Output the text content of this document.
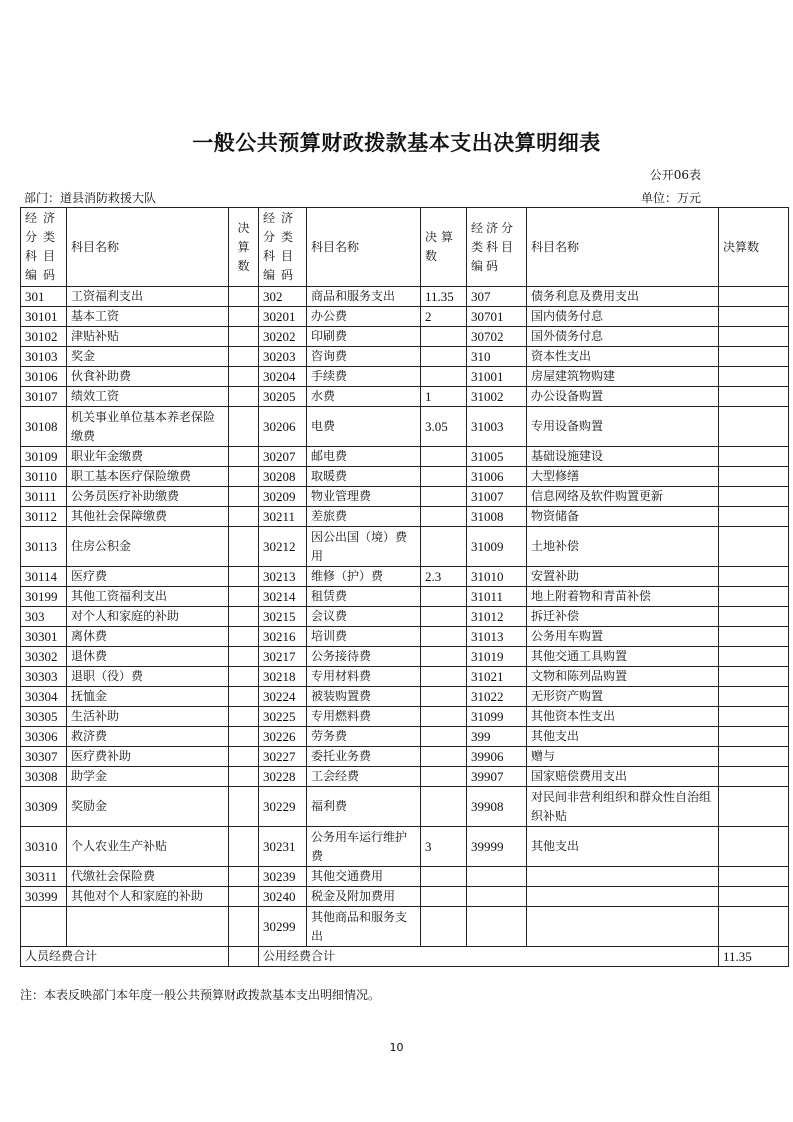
一般公共预算财政拨款基本支出决算明细表
公开06表
部门：道县消防救援大队	单位：万元
经济分类科目编码	科目名称	决算数	经济分类科目编码	科目名称	决算数	经济分类科目编码	科目名称	决算数
301	工资福利支出		302	商品和服务支出	11.35	307	债务利息及费用支出	
30101	基本工资		30201	办公费	2	30701	国内债务付息	
30102	津贴补贴		30202	印刷费		30702	国外债务付息	
30103	奖金		30203	咨询费		310	资本性支出	
30106	伙食补助费		30204	手续费		31001	房屋建筑物购建	
30107	绩效工资		30205	水费	1	31002	办公设备购置	
30108	机关事业单位基本养老保险缴费		30206	电费	3.05	31003	专用设备购置	
30109	职业年金缴费		30207	邮电费		31005	基础设施建设	
30110	职工基本医疗保险缴费		30208	取暖费		31006	大型修缮	
30111	公务员医疗补助缴费		30209	物业管理费		31007	信息网络及软件购置更新	
30112	其他社会保障缴费		30211	差旅费		31008	物资储备	
30113	住房公积金		30212	因公出国（境）费用		31009	土地补偿	
30114	医疗费		30213	维修（护）费	2.3	31010	安置补助	
30199	其他工资福利支出		30214	租赁费		31011	地上附着物和青苗补偿	
303	对个人和家庭的补助		30215	会议费		31012	拆迁补偿	
30301	离休费		30216	培训费		31013	公务用车购置	
30302	退休费		30217	公务接待费		31019	其他交通工具购置	
30303	退职（役）费		30218	专用材料费		31021	文物和陈列品购置	
30304	抚恤金		30224	被装购置费		31022	无形资产购置	
30305	生活补助		30225	专用燃料费		31099	其他资本性支出	
30306	救济费		30226	劳务费		399	其他支出	
30307	医疗费补助		30227	委托业务费		39906	赠与	
30308	助学金		30228	工会经费		39907	国家赔偿费用支出	
30309	奖励金		30229	福利费		39908	对民间非营利组织和群众性自治组织补贴	
30310	个人农业生产补贴		30231	公务用车运行维护费	3	39999	其他支出	
30311	代缴社会保险费		30239	其他交通费用				
30399	其他对个人和家庭的补助		30240	税金及附加费用				
			30299	其他商品和服务支出				
人员经费合计			公用经费合计					11.35
注：本表反映部门本年度一般公共预算财政拨款基本支出明细情况。
10
